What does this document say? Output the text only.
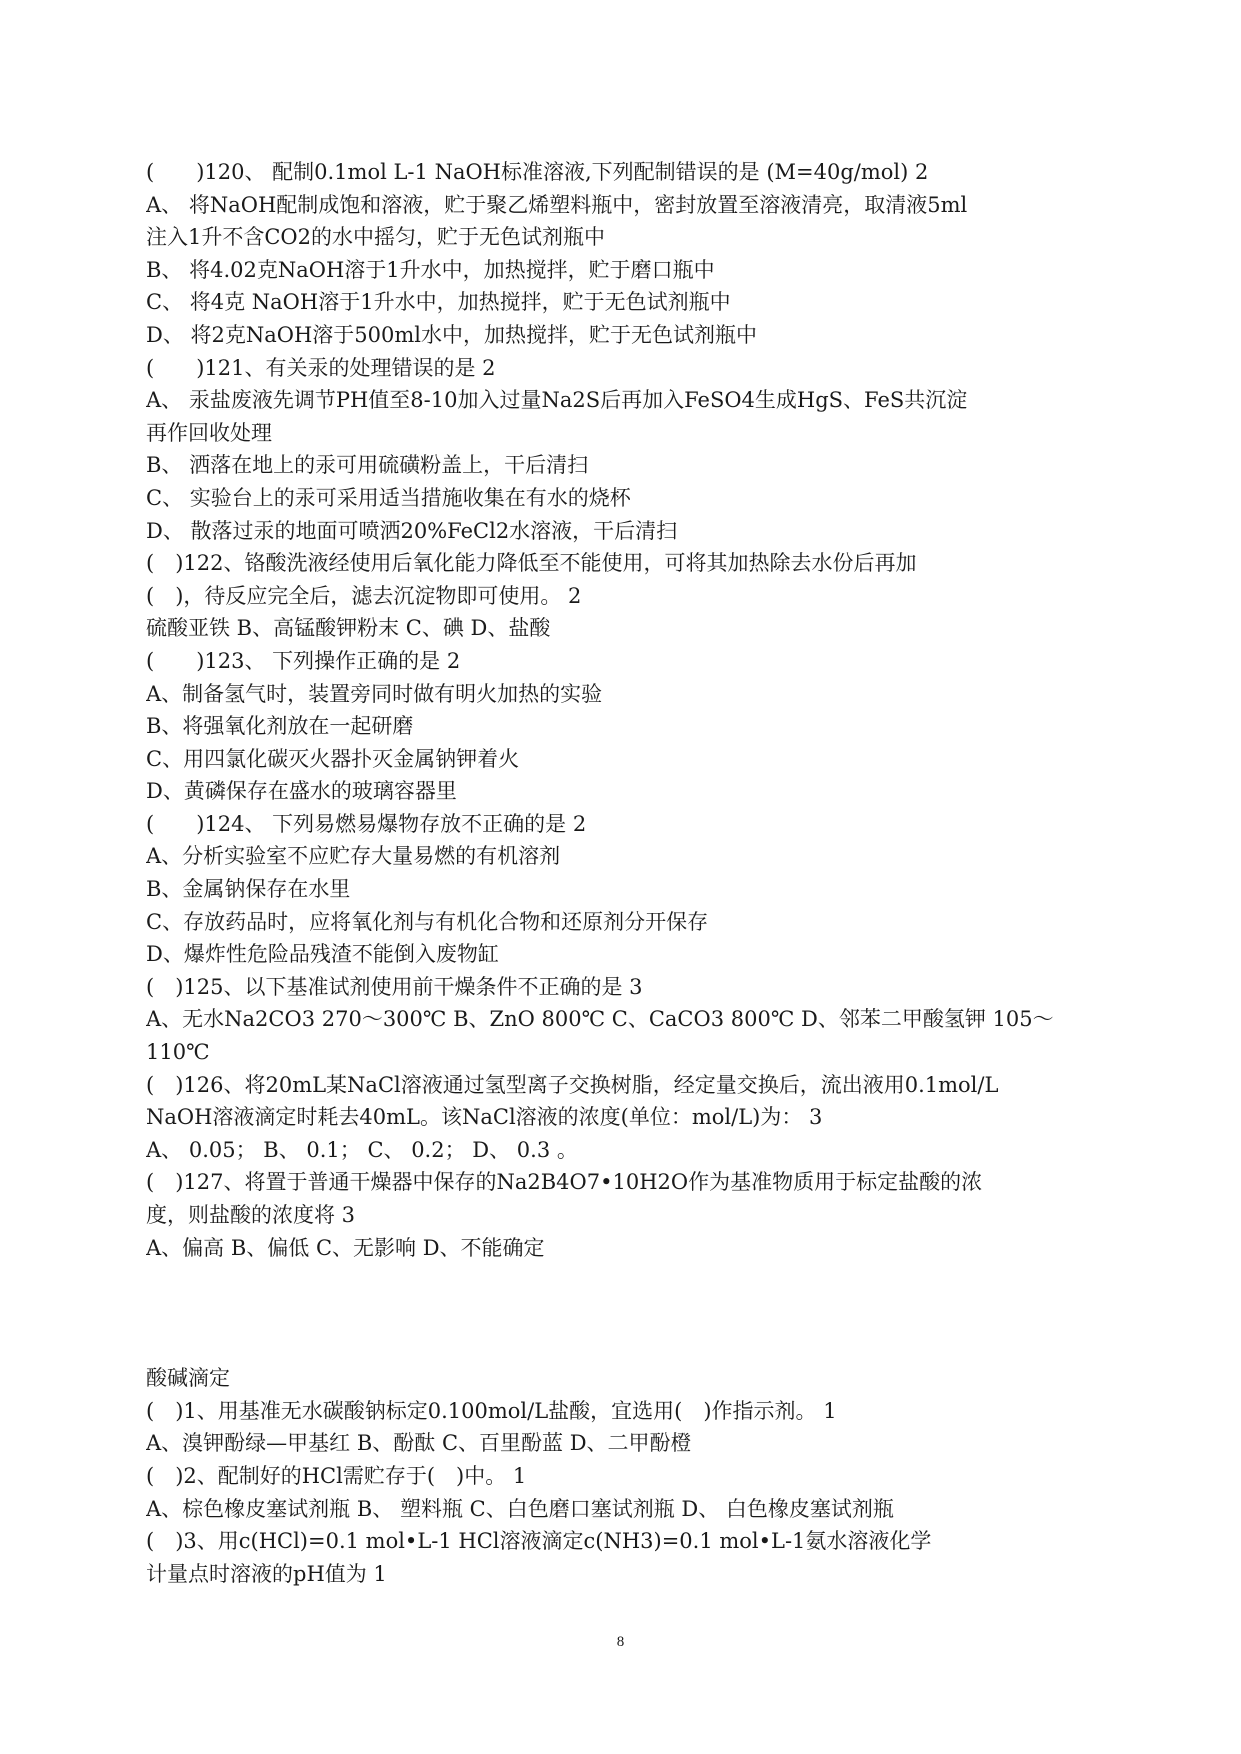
(　　)120、 配制0.1mol L-1 NaOH标准溶液,下列配制错误的是 (M=40g/mol) 2
A、 将NaOH配制成饱和溶液，贮于聚乙烯塑料瓶中，密封放置至溶液清亮，取清液5ml
注入1升不含CO2的水中摇匀，贮于无色试剂瓶中
B、 将4.02克NaOH溶于1升水中，加热搅拌，贮于磨口瓶中
C、 将4克 NaOH溶于1升水中，加热搅拌，贮于无色试剂瓶中
D、 将2克NaOH溶于500ml水中，加热搅拌，贮于无色试剂瓶中
(　　)121、有关汞的处理错误的是 2
A、 汞盐废液先调节PH值至8-10加入过量Na2S后再加入FeSO4生成HgS、FeS共沉淀
再作回收处理
B、 洒落在地上的汞可用硫磺粉盖上，干后清扫
C、 实验台上的汞可采用适当措施收集在有水的烧杯
D、 散落过汞的地面可喷洒20%FeCl2水溶液，干后清扫
(　)122、铬酸洗液经使用后氧化能力降低至不能使用，可将其加热除去水份后再加
(　)，待反应完全后，滤去沉淀物即可使用。 2
硫酸亚铁 B、高锰酸钾粉末 C、碘 D、盐酸
(　　)123、 下列操作正确的是 2
A、制备氢气时，装置旁同时做有明火加热的实验
B、将强氧化剂放在一起研磨
C、用四氯化碳灭火器扑灭金属钠钾着火
D、黄磷保存在盛水的玻璃容器里
(　　)124、 下列易燃易爆物存放不正确的是 2
A、分析实验室不应贮存大量易燃的有机溶剂
B、金属钠保存在水里
C、存放药品时，应将氧化剂与有机化合物和还原剂分开保存
D、爆炸性危险品残渣不能倒入废物缸
(　)125、以下基准试剂使用前干燥条件不正确的是 3
A、无水Na2CO3 270～300℃ B、ZnO 800℃ C、CaCO3 800℃ D、邻苯二甲酸氢钾 105～
110℃
(　)126、将20mL某NaCl溶液通过氢型离子交换树脂，经定量交换后，流出液用0.1mol/L
NaOH溶液滴定时耗去40mL。该NaCl溶液的浓度(单位：mol/L)为： 3
A、 0.05； B、 0.1； C、 0.2； D、 0.3 。
(　)127、将置于普通干燥器中保存的Na2B4O7•10H2O作为基准物质用于标定盐酸的浓
度，则盐酸的浓度将 3
A、偏高 B、偏低 C、无影响 D、不能确定
酸碱滴定
(　)1、用基准无水碳酸钠标定0.100mol/L盐酸，宜选用(　)作指示剂。 1
A、溴钾酚绿—甲基红 B、酚酞 C、百里酚蓝 D、二甲酚橙
(　)2、配制好的HCl需贮存于(　)中。 1
A、棕色橡皮塞试剂瓶 B、 塑料瓶 C、白色磨口塞试剂瓶 D、 白色橡皮塞试剂瓶
(　)3、用c(HCl)=0.1 mol•L-1 HCl溶液滴定c(NH3)=0.1 mol•L-1氨水溶液化学
计量点时溶液的pH值为 1
8
